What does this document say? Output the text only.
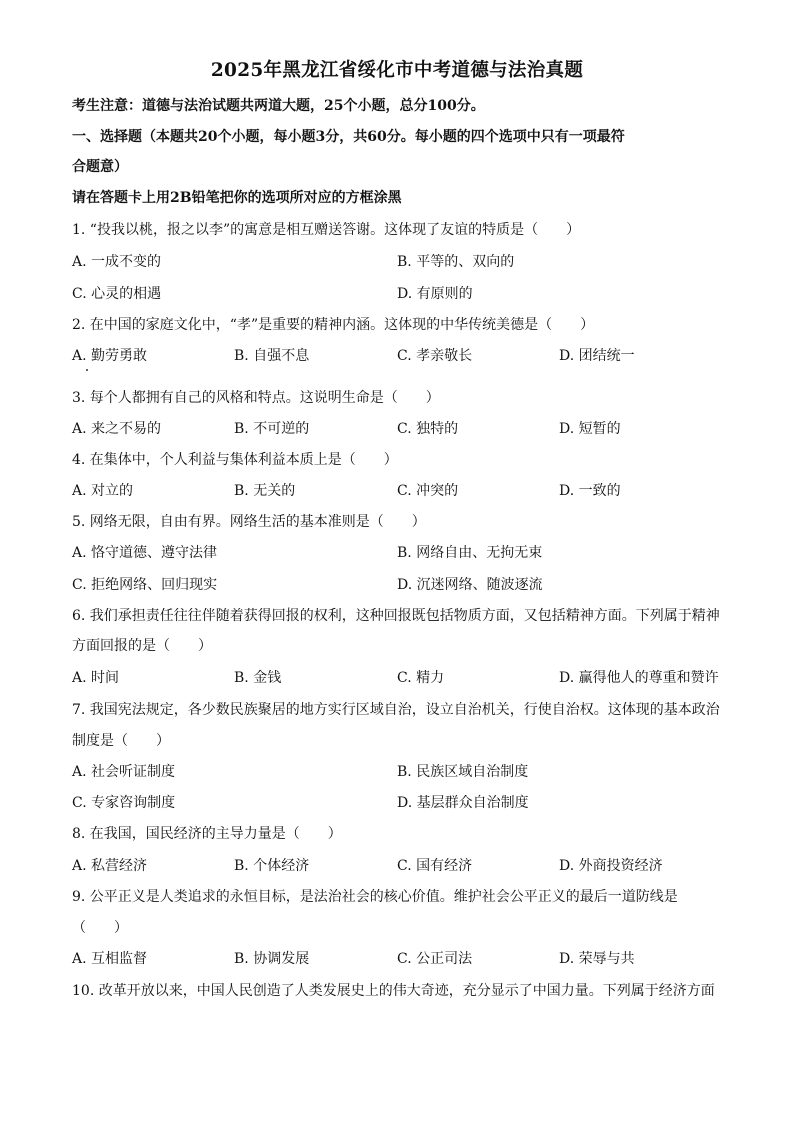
2025年黑龙江省绥化市中考道德与法治真题
考生注意：道德与法治试题共两道大题，25个小题，总分100分。
一、选择题（本题共20个小题，每小题3分，共60分。每小题的四个选项中只有一项最符
合题意）
请在答题卡上用2B铅笔把你的选项所对应的方框涂黑
1. “投我以桃，报之以李”的寓意是相互赠送答谢。这体现了友谊的特质是（　　）
A. 一成不变的	B. 平等的、双向的
C. 心灵的相遇	D. 有原则的
2. 在中国的家庭文化中，“孝”是重要的精神内涵。这体现的中华传统美德是（　　）
A. 勤劳勇敢	B. 自强不息	C. 孝亲敬长	D. 团结统一
3. 每个人都拥有自己的风格和特点。这说明生命是（　　）
A. 来之不易的	B. 不可逆的	C. 独特的	D. 短暂的
4. 在集体中，个人利益与集体利益本质上是（　　）
A. 对立的	B. 无关的	C. 冲突的	D. 一致的
5. 网络无限，自由有界。网络生活的基本准则是（　　）
A. 恪守道德、遵守法律	B. 网络自由、无拘无束
C. 拒绝网络、回归现实	D. 沉迷网络、随波逐流
6. 我们承担责任往往伴随着获得回报的权利，这种回报既包括物质方面，又包括精神方面。下列属于精神
方面回报的是（　　）
A. 时间	B. 金钱	C. 精力	D. 赢得他人的尊重和赞许
7. 我国宪法规定，各少数民族聚居的地方实行区域自治，设立自治机关，行使自治权。这体现的基本政治
制度是（　　）
A. 社会听证制度	B. 民族区域自治制度
C. 专家咨询制度	D. 基层群众自治制度
8. 在我国，国民经济的主导力量是（　　）
A. 私营经济	B. 个体经济	C. 国有经济	D. 外商投资经济
9. 公平正义是人类追求的永恒目标，是法治社会的核心价值。维护社会公平正义的最后一道防线是
（　　）
A. 互相监督	B. 协调发展	C. 公正司法	D. 荣辱与共
10. 改革开放以来，中国人民创造了人类发展史上的伟大奇迹，充分显示了中国力量。下列属于经济方面
